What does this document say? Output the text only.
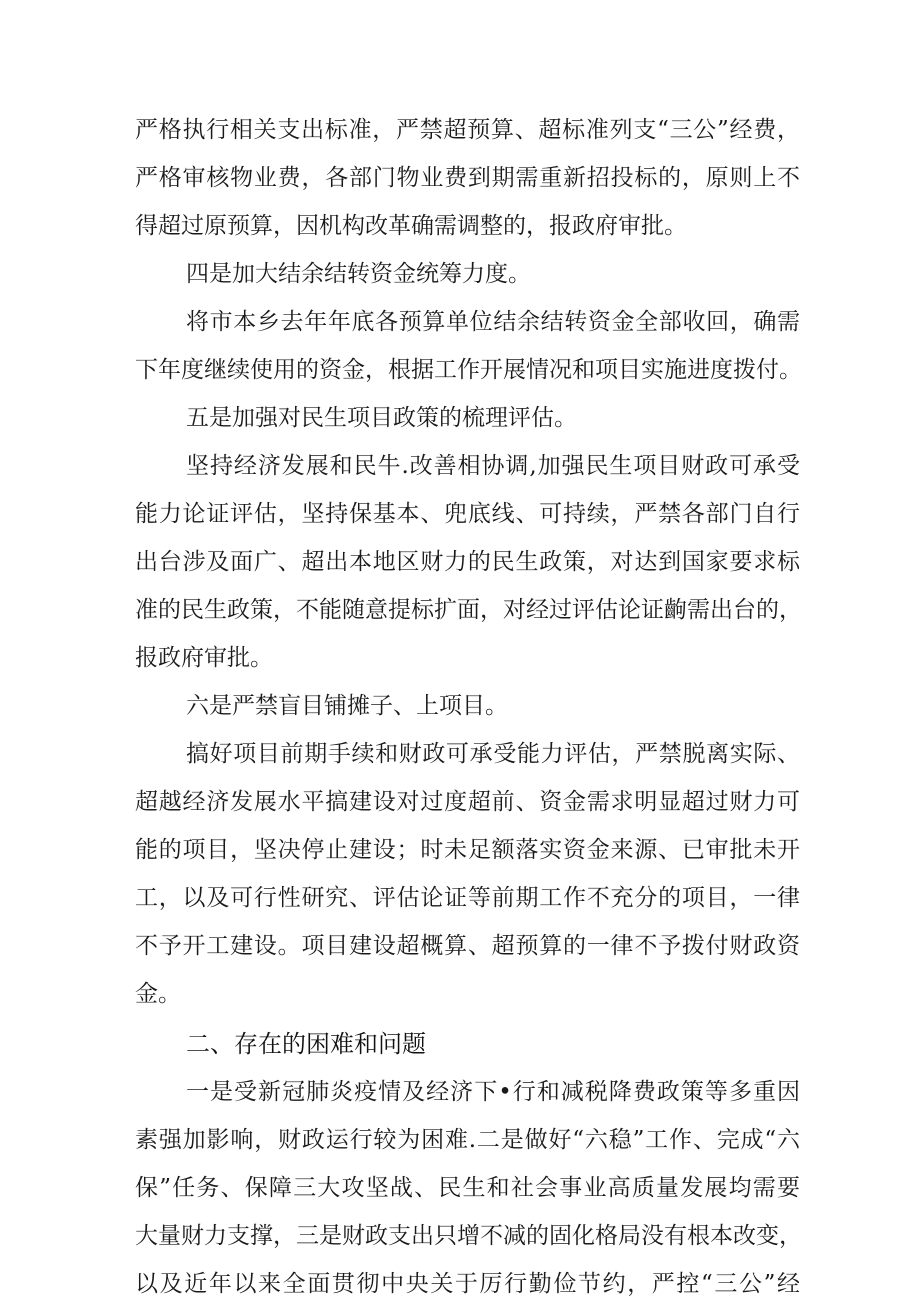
严格执行相关支出标准，严禁超预算、超标准列支“三公”经费，
严格审核物业费，各部门物业费到期需重新招投标的，原则上不
得超过原预算，因机构改革确需调整的，报政府审批。
四是加大结余结转资金统筹力度。
将市本乡去年年底各预算单位结余结转资金全部收回，确需
下年度继续使用的资金，根据工作开展情况和项目实施进度拨付。
五是加强对民生项目政策的梳理评估。
坚持经济发展和民牛.改善相协调,加强民生项目财政可承受
能力论证评估，坚持保基本、兜底线、可持续，严禁各部门自行
出台涉及面广、超出本地区财力的民生政策，对达到国家要求标
准的民生政策，不能随意提标扩面，对经过评估论证齣需出台的，
报政府审批。
六是严禁盲目铺摊子、上项目。
搞好项目前期手续和财政可承受能力评估，严禁脱离实际、
超越经济发展水平搞建设对过度超前、资金需求明显超过财力可
能的项目，坚决停止建设；时未足额落实资金来源、已审批未开
工，以及可行性研究、评估论证等前期工作不充分的项目，一律
不予开工建设。项目建设超概算、超预算的一律不予拨付财政资
金。
二、存在的困难和问题
一是受新冠肺炎疫情及经济下•行和减税降费政策等多重因
素强加影响，财政运行较为困难.二是做好“六稳”工作、完成“六
保”任务、保障三大攻坚战、民生和社会事业高质量发展均需要
大量财力支撑，三是财政支出只增不减的固化格局没有根本改变，
以及近年以来全面贯彻中央关于厉行勤俭节约，严控“三公”经
